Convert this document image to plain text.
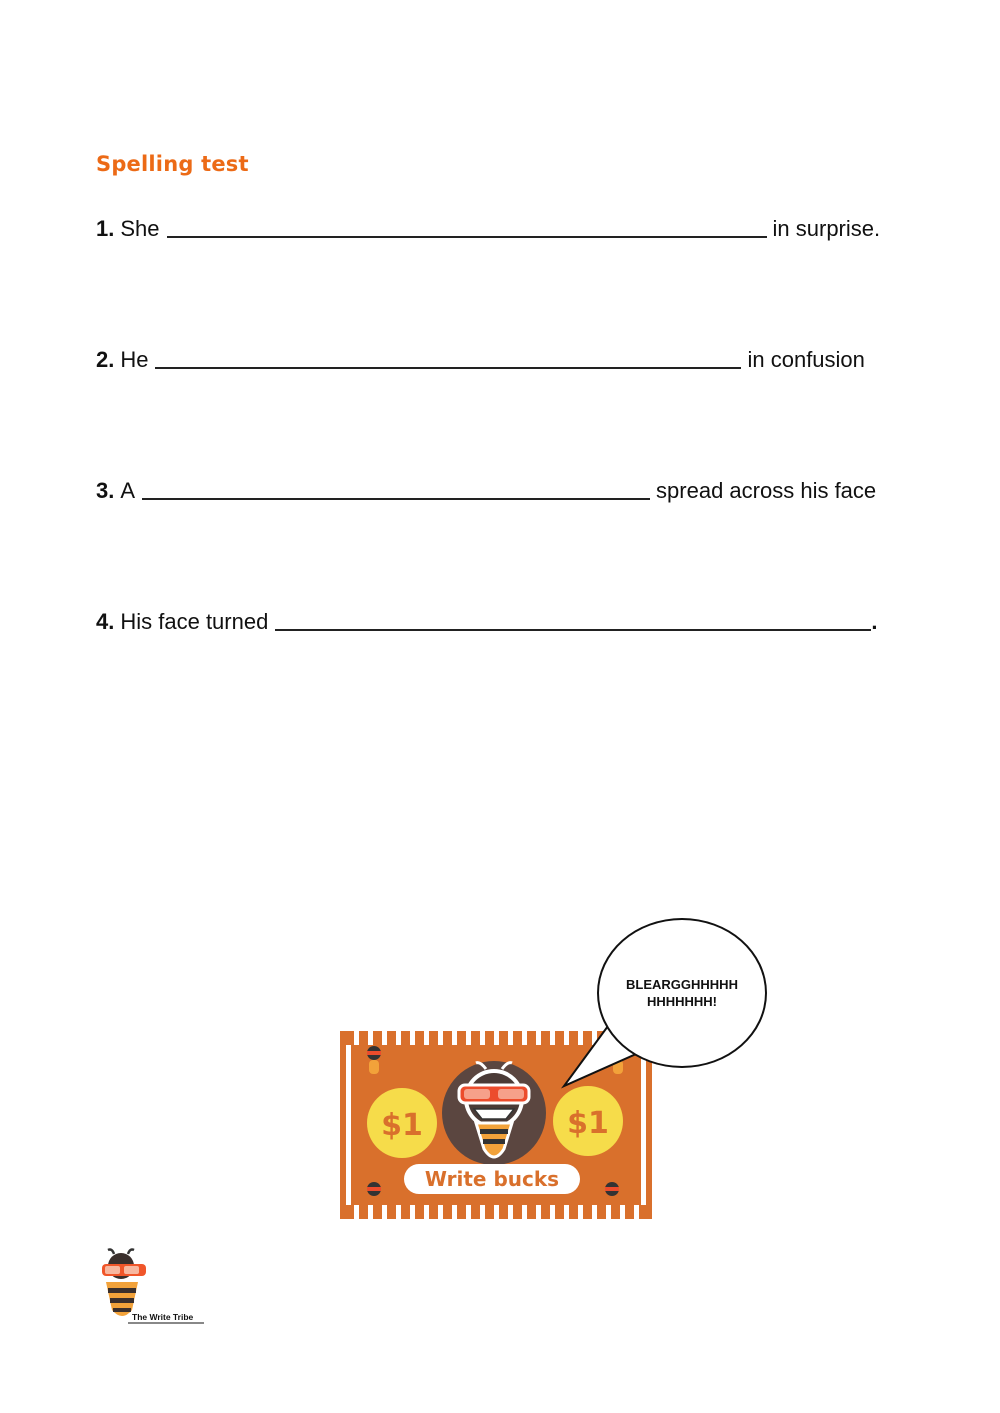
Spelling test
1. She	in surprise.
2. He	in confusion
3. A	spread across his face
4. His face turned	.
$1	$1
Write bucks
BLEARGGHHHHH
HHHHHHH!
The Write Tribe
